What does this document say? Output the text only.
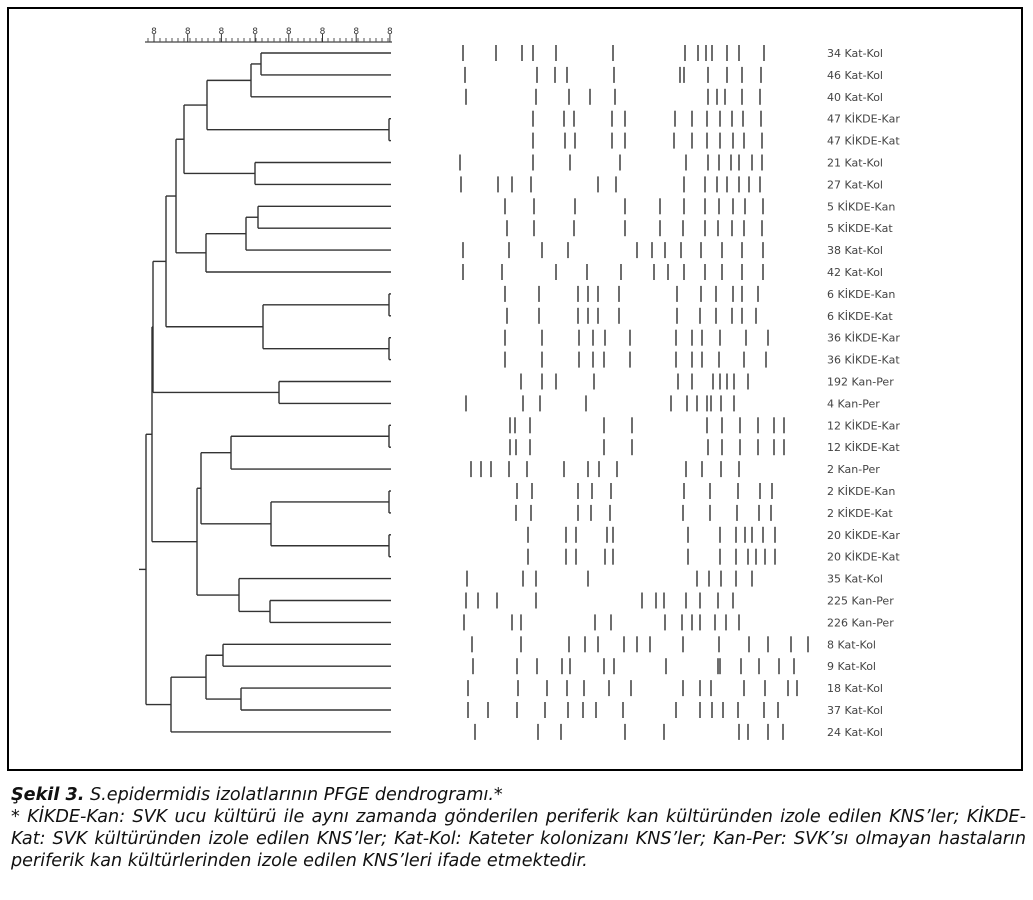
8	8	8	8	8	8	8	8
34 Kat-Kol
46 Kat-Kol
40 Kat-Kol
47 KİKDE-Kar
47 KİKDE-Kat
21 Kat-Kol
27 Kat-Kol
5 KİKDE-Kan
5 KİKDE-Kat
38 Kat-Kol
42 Kat-Kol
6 KİKDE-Kan
6 KİKDE-Kat
36 KİKDE-Kar
36 KİKDE-Kat
192 Kan-Per
4 Kan-Per
12 KİKDE-Kar
12 KİKDE-Kat
2 Kan-Per
2 KİKDE-Kan
2 KİKDE-Kat
20 KİKDE-Kar
20 KİKDE-Kat
35 Kat-Kol
225 Kan-Per
226 Kan-Per
8 Kat-Kol
9 Kat-Kol
18 Kat-Kol
37 Kat-Kol
24 Kat-Kol
Şekil 3. S.epidermidis izolatlarının PFGE dendrogramı.*
* KİKDE-Kan: SVK ucu kültürü ile aynı zamanda gönderilen periferik kan kültüründen izole edilen KNS’ler; KİKDE-Kat: SVK kültüründen izole edilen KNS’ler; Kat-Kol: Kateter kolonizanı KNS’ler; Kan-Per: SVK’sı olmayan hastaların periferik kan kültürlerinden izole edilen KNS’leri ifade etmektedir.
